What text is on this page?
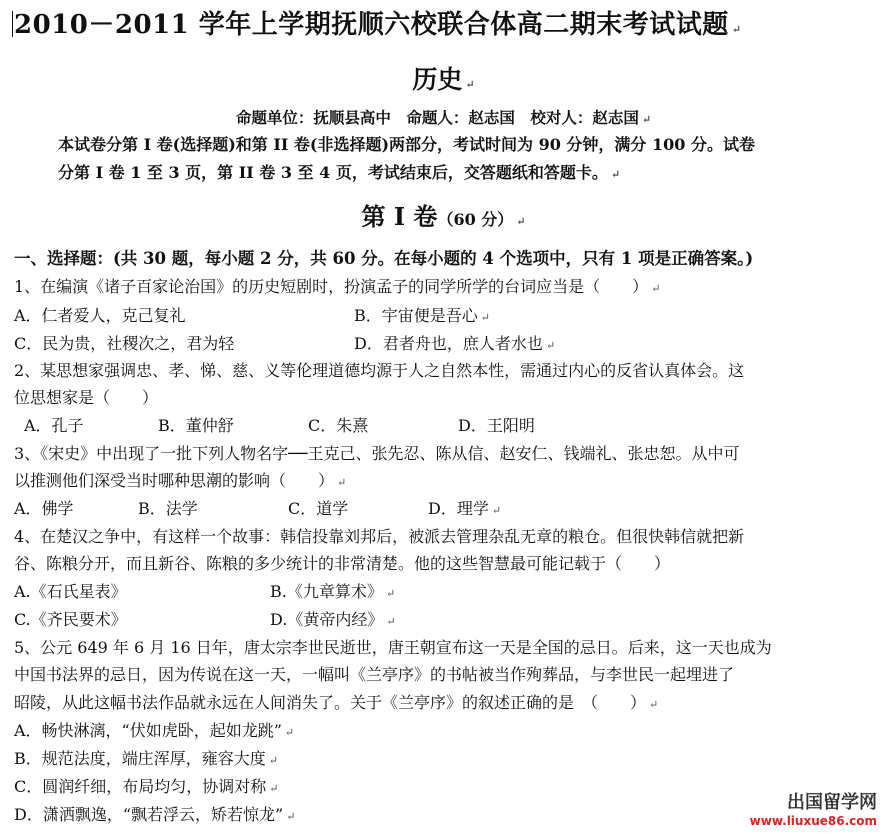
2010－2011 学年上学期抚顺六校联合体高二期末考试试题 ↵
历史 ↵
命题单位：抚顺县高中　命题人：赵志国　校对人：赵志国 ↵
本试卷分第 I 卷(选择题)和第 II 卷(非选择题)两部分，考试时间为 90 分钟，满分 100 分。试卷
分第 I 卷 1 至 3 页，第 II 卷 3 至 4 页，考试结束后，交答题纸和答题卡。 ↵
第 I 卷（60 分） ↵
一、选择题：(共 30 题，每小题 2 分，共 60 分。在每小题的 4 个选项中，只有 1 项是正确答案。)
1、在编演《诸子百家论治国》的历史短剧时，扮演孟子的同学所学的台词应当是（　　） ↵
A．仁者爱人，克己复礼	B．宇宙便是吾心 ↵
C．民为贵，社稷次之，君为轻	D．君者舟也，庶人者水也 ↵
2、某思想家强调忠、孝、悌、慈、义等伦理道德均源于人之自然本性，需通过内心的反省认真体会。这
位思想家是（　　）
A．孔子	B．董仲舒	C．朱熹	D．王阳明
3、《宋史》中出现了一批下列人物名字──王克己、张先忍、陈从信、赵安仁、钱端礼、张忠恕。从中可
以推测他们深受当时哪种思潮的影响（　　） ↵
A．佛学	B．法学	C．道学	D．理学 ↵
4、在楚汉之争中，有这样一个故事：韩信投靠刘邦后，被派去管理杂乱无章的粮仓。但很快韩信就把新
谷、陈粮分开，而且新谷、陈粮的多少统计的非常清楚。他的这些智慧最可能记载于（　　）
A.《石氏星表》	B.《九章算术》 ↵
C.《齐民要术》	D.《黄帝内经》 ↵
5、公元 649 年 6 月 16 日年，唐太宗李世民逝世，唐王朝宣布这一天是全国的忌日。后来，这一天也成为
中国书法界的忌日，因为传说在这一天，一幅叫《兰亭序》的书帖被当作殉葬品，与李世民一起埋进了
昭陵，从此这幅书法作品就永远在人间消失了。关于《兰亭序》的叙述正确的是　（　　） ↵
A．畅快淋漓，“伏如虎卧，起如龙跳” ↵
B．规范法度，端庄浑厚，雍容大度 ↵
C．圆润纤细，布局均匀，协调对称 ↵
D．潇洒飘逸，“飘若浮云，矫若惊龙” ↵
出国留学网
www.liuxue86.com
